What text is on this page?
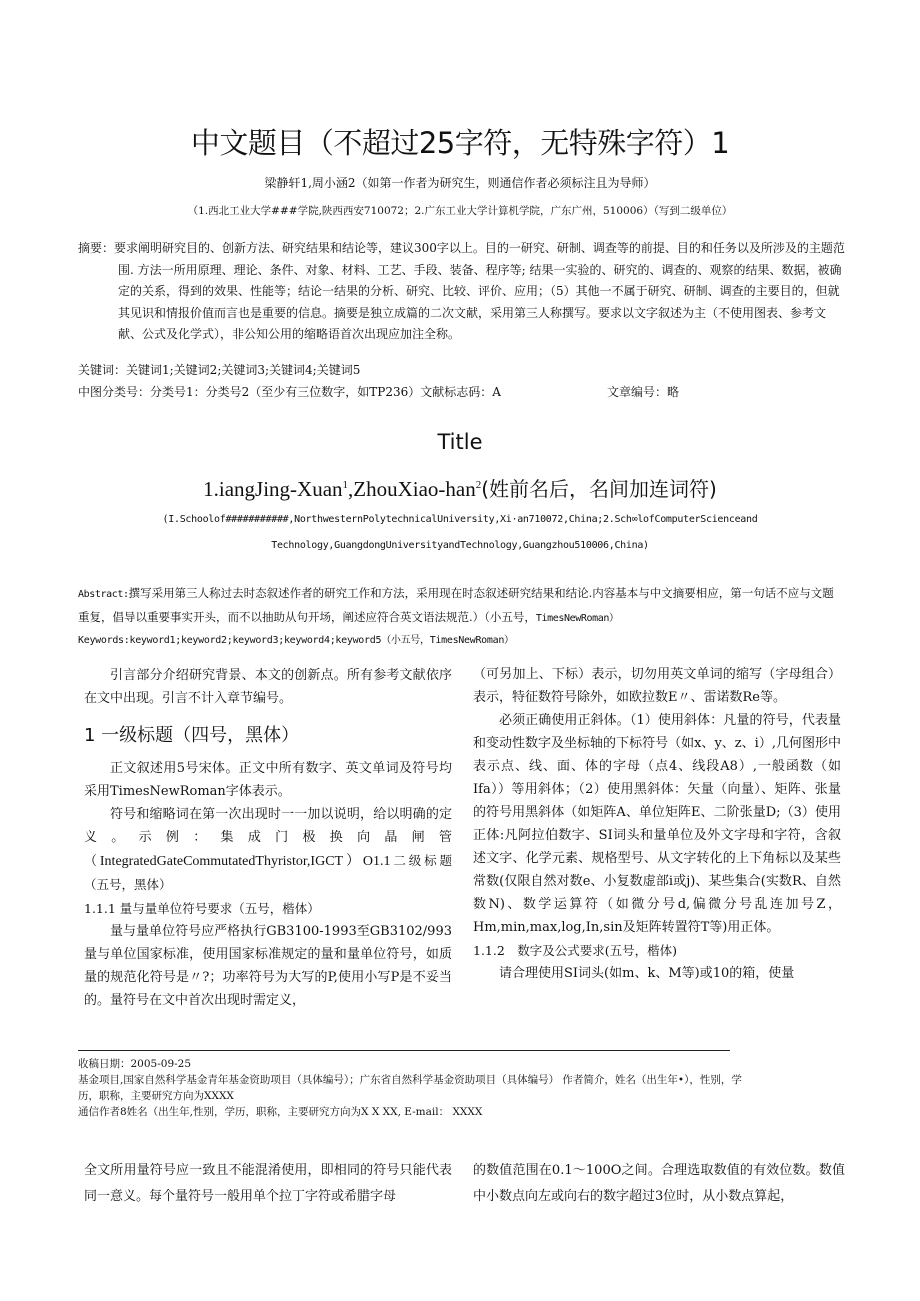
中文题目（不超过25字符，无特殊字符）1
梁静轩1,周小涵2（如第一作者为研究生，则通信作者必须标注且为导师）
（1.西北工业大学###学院,陕西西安710072；2.广东工业大学计算机学院，广东广州，510006）（写到二级单位）

摘要：要求阐明研究目的、创新方法、研究结果和结论等，建议300字以上。目的一研究、研制、调查等的前提、目的和任务以及所涉及的主题范围. 方法一所用原理、理论、条件、对象、材料、工艺、手段、装备、程序等; 结果一实验的、研究的、调查的、观察的结果、数据，被确定的关系，得到的效果、性能等；结论一结果的分析、研究、比较、评价、应用；（5）其他一不属于研究、研制、调查的主要目的，但就其见识和情报价值而言也是重要的信息。摘要是独立成篇的二次文献，采用第三人称撰写。要求以文字叙述为主（不使用图表、参考文献、公式及化学式），非公知公用的缩略语首次出现应加注全称。

关键词：关键词1;关键词2;关键词3;关键词4;关键词5
中图分类号：分类号1：分类号2（至少有三位数字，如TP236）文献标志码：A	文章编号：略
Title
1.iangJing-Xuan$^1$,ZhouXiao-han$^2$(姓前名后，名间加连词符)
(I.Schoolof###########,NorthwesternPolytechnicalUniversity,Xi·an710072,China;2.Sch∞lofComputerScienceand
Technology,GuangdongUniversityandTechnology,Guangzhou510006,China)
Abstract:撰写采用第三人称过去时态叙述作者的研究工作和方法，采用现在时态叙述研究结果和结论.内容基本与中文摘要相应，第一句话不应与文题重复，倡导以重要事实开头，而不以抽助从句开场，阐述应符合英文语法规范.）（小五号，TimesNewRoman）
Keywords:keyword1;keyword2;keyword3;keyword4;keyword5（小五号，TimesNewRoman）

引言部分介绍研究背景、本文的创新点。所有参考文献依序在文中出现。引言不计入章节编号。

1 一级标题（四号，黑体）

正文叙述用5号宋体。正文中所有数字、英文单词及符号均采用TimesNewRoman字体表示。

符号和缩略词在第一次出现时一一加以说明，给以明确的定义。示例：集成门极换向晶闸管（IntegratedGateCommutatedThyristor,IGCT）O1.1二级标题（五号，黑体）

1.1.1 量与量单位符号要求（五号，楷体）

量与量单位符号应严格执行GB3100-1993至GB3102/993量与单位国家标准，使用国家标准规定的量和量单位符号，如质量的规范化符号是〃?；功率符号为大写的P,使用小写P是不妥当的。量符号在文中首次出现时需定义，

（可另加上、下标）表示，切勿用英文单词的缩写（字母组合）表示，特征数符号除外，如欧拉数E〃、雷诺数Re等。

必须正确使用正斜体。（1）使用斜体：凡量的符号，代表量和变动性数字及坐标轴的下标符号（如x、y、z、i）,几何图形中表示点、线、面、体的字母（点4、线段A8）,一般函数（如Ifa））等用斜体；（2）使用黑斜体：矢量（向量）、矩阵、张量的符号用黑斜体（如矩阵A、单位矩阵E、二阶张量D;（3）使用正体:凡阿拉伯数字、SI词头和量单位及外文字母和字符，含叙述文字、化学元素、规格型号、从文字转化的上下角标以及某些常数(仅限自然对数e、小复数虚部i或j)、某些集合(实数R、自然数N)、数学运算符（如微分号d,偏微分号乱连加号Z，Hm,min,max,log,In,sin及矩阵转置符T等)用正体。

1.1.2　数字及公式要求(五号，楷体)

请合理使用SI词头(如m、k、M等)或10的箱，使量

收稿日期：2005-09-25

基金项目,国家自然科学基金青年基金资助项目（具体编号）；广东省自然科学基金资助项目（具体编号） 作者简介，姓名（出生年•），性别，学历，职称，主要研究方向为XXXX

通信作者8姓名（出生年,性别，学历，职称，主要研究方向为X X XX, E-mail： XXXX

全文所用量符号应一致且不能混淆使用，即相同的符号只能代表同一意义。每个量符号一般用单个拉丁字符或希腊字母

的数值范围在0.1～100O之间。合理选取数值的有效位数。数值中小数点向左或向右的数字超过3位时，从小数点算起，
